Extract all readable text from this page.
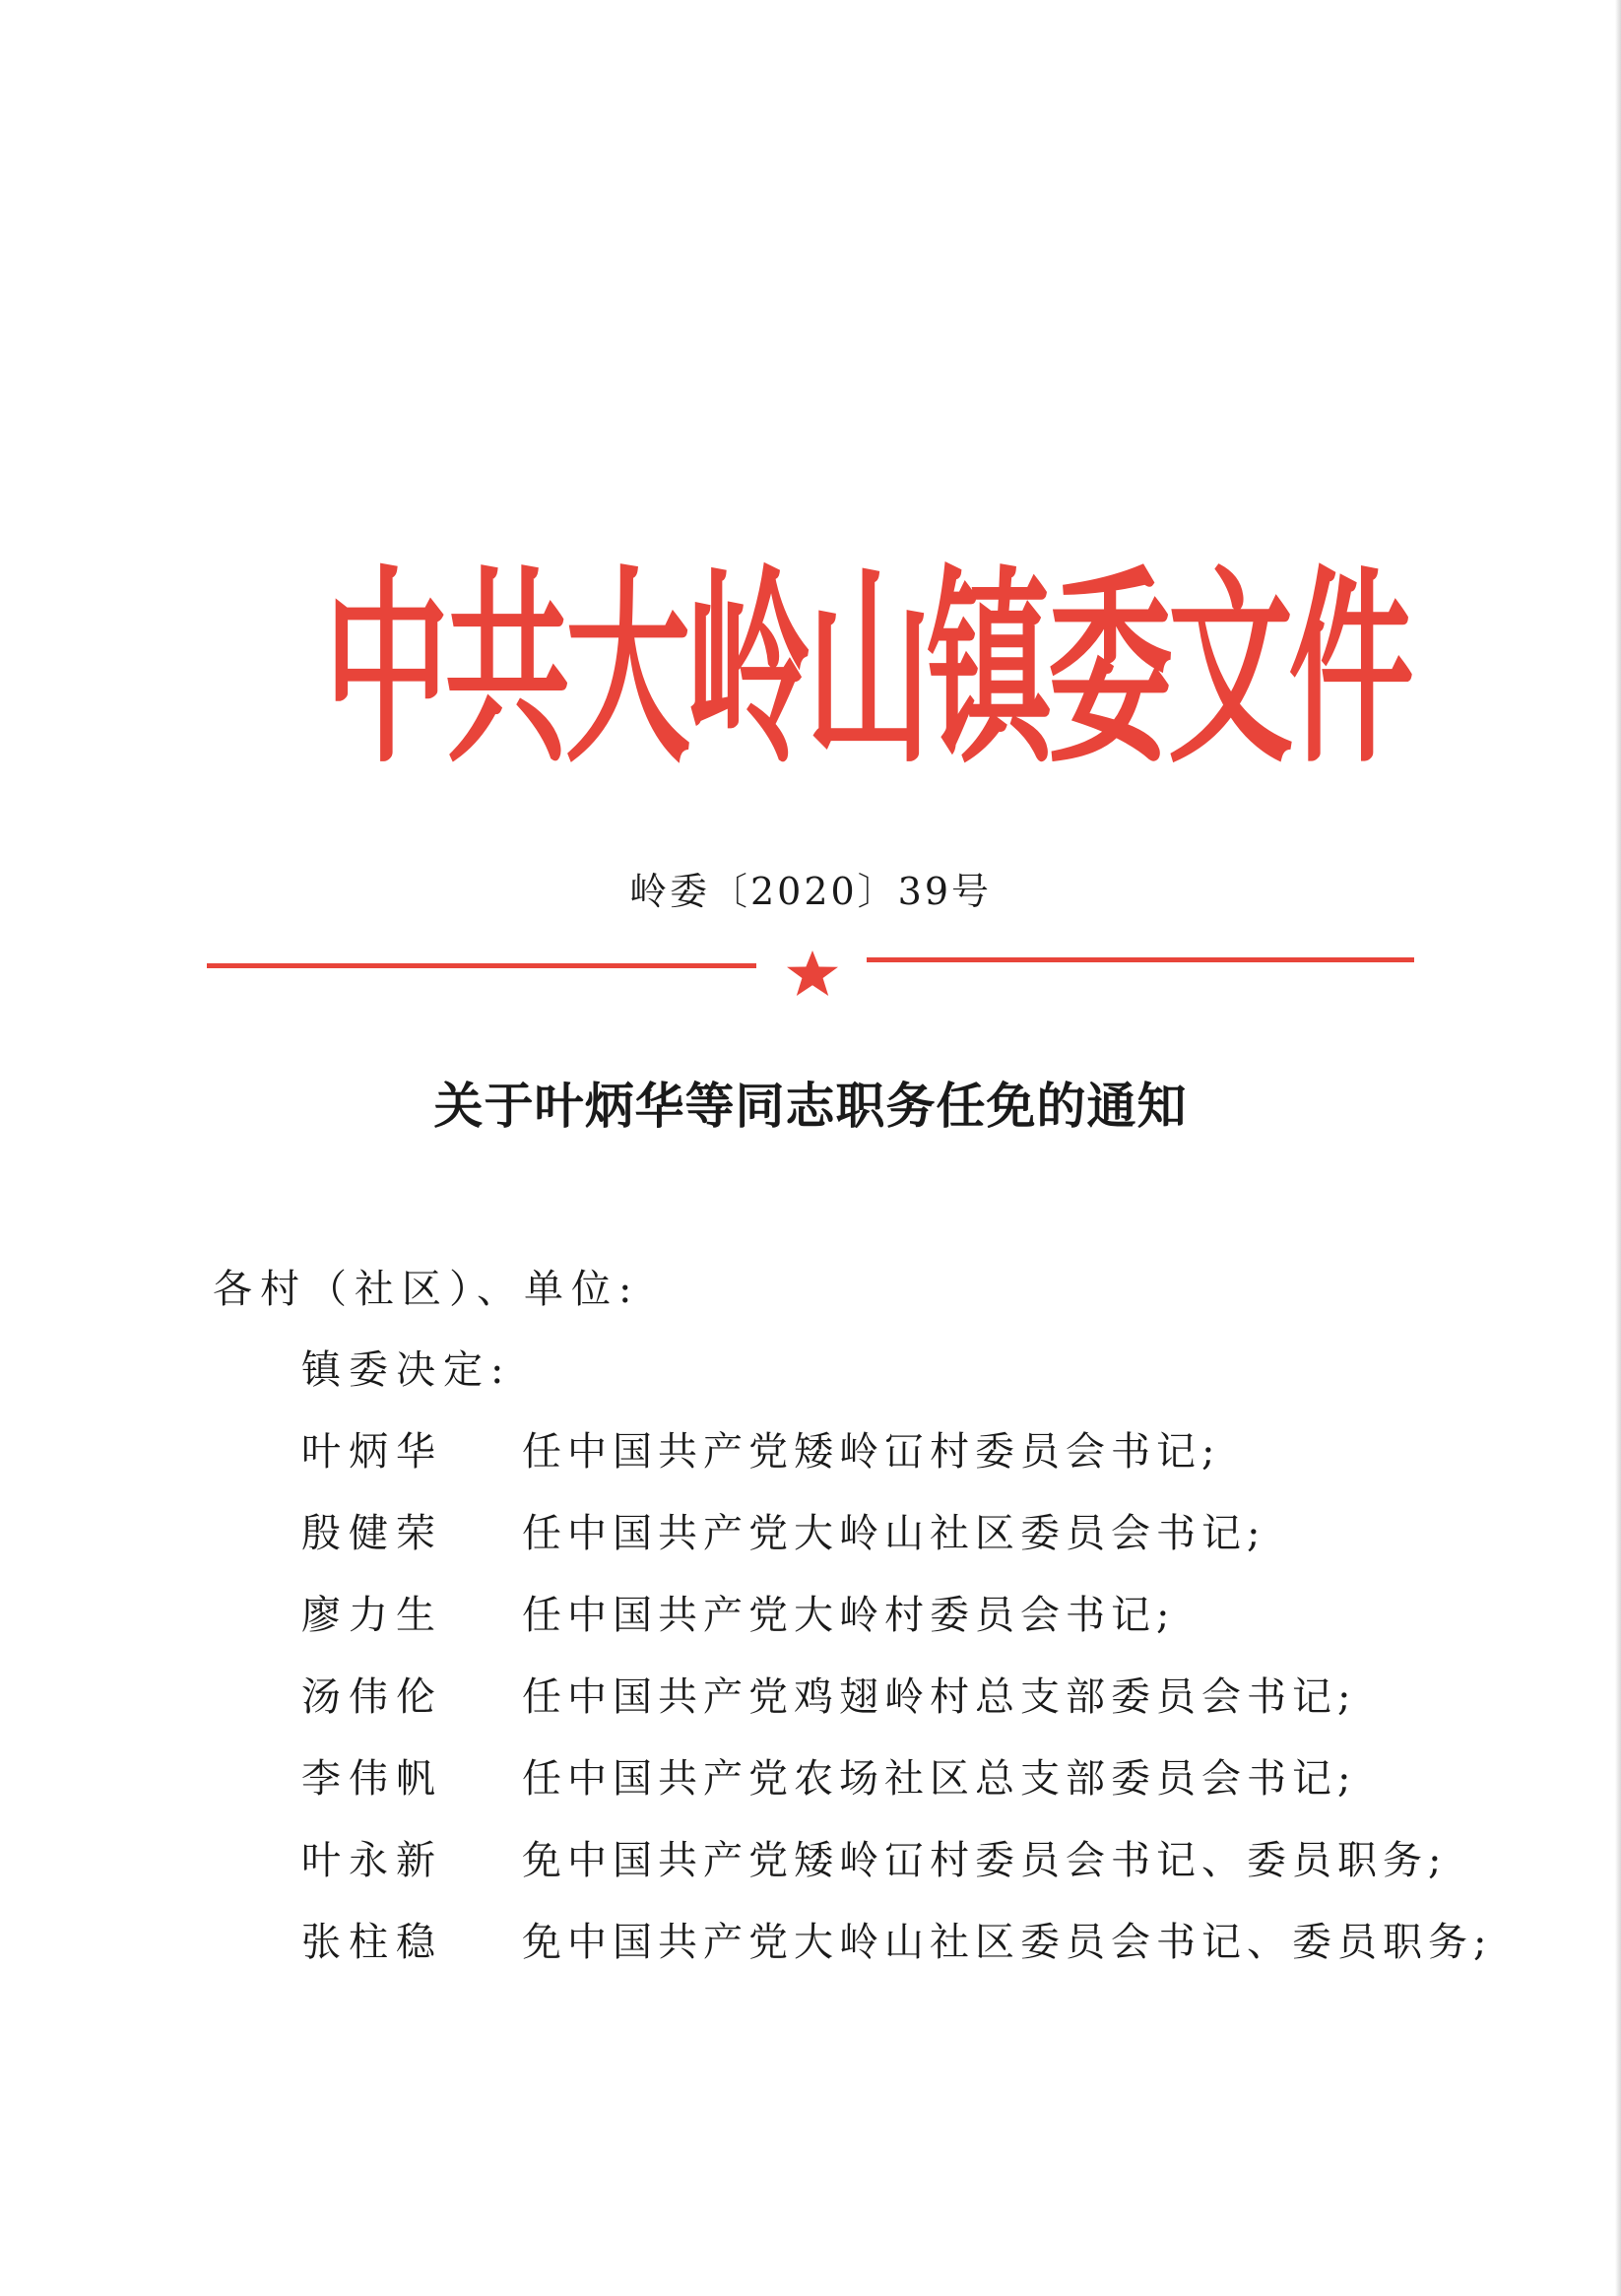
中共大岭山镇委文件
岭委〔2020〕39号
关于叶炳华等同志职务任免的通知
各村（社区）、单位:
镇委决定:
叶炳华 任中国共产党矮岭冚村委员会书记;
殷健荣 任中国共产党大岭山社区委员会书记;
廖力生 任中国共产党大岭村委员会书记;
汤伟伦 任中国共产党鸡翅岭村总支部委员会书记;
李伟帆 任中国共产党农场社区总支部委员会书记;
叶永新 免中国共产党矮岭冚村委员会书记、委员职务;
张柱稳 免中国共产党大岭山社区委员会书记、委员职务;
